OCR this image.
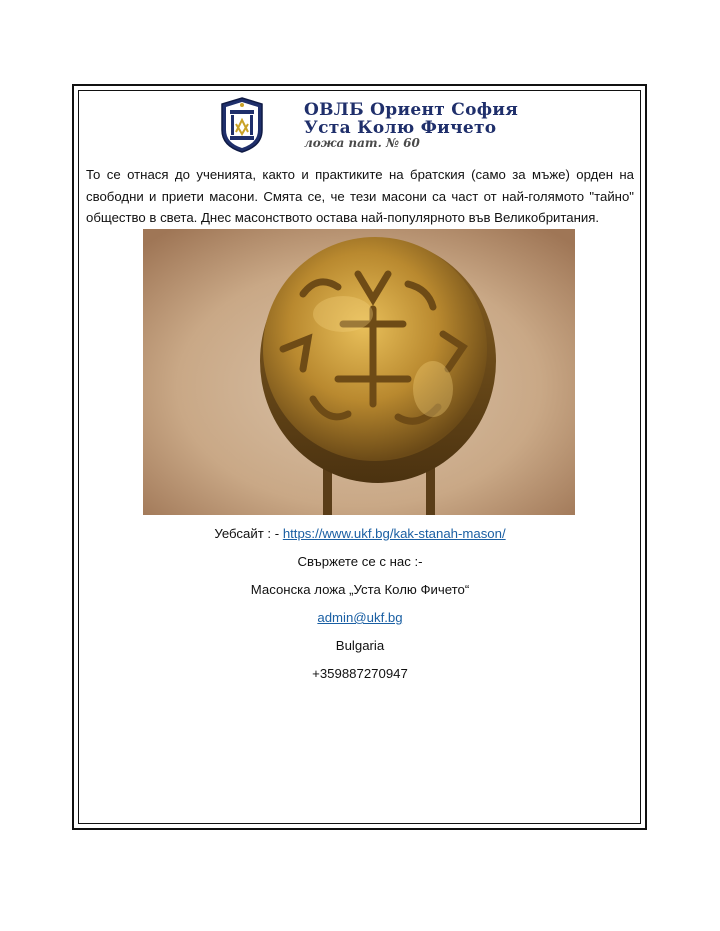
ОВЛБ Ориент София
Уста Колю Фичето
ложа пат. № 60

То се отнася до учениятa, както и практиките на братския (само за мъже) орден на свободни и приети масони. Смята се, че тези масони са част от най-голямото "тайно" общество в света. Днес масонството остава най-популярното във Великобритания.

Уебсайт : - https://www.ukf.bg/kak-stanah-mason/
Свържете се с нас :-
Масонска ложа „Уста Колю Фичето“
admin@ukf.bg
Bulgaria
+359887270947
